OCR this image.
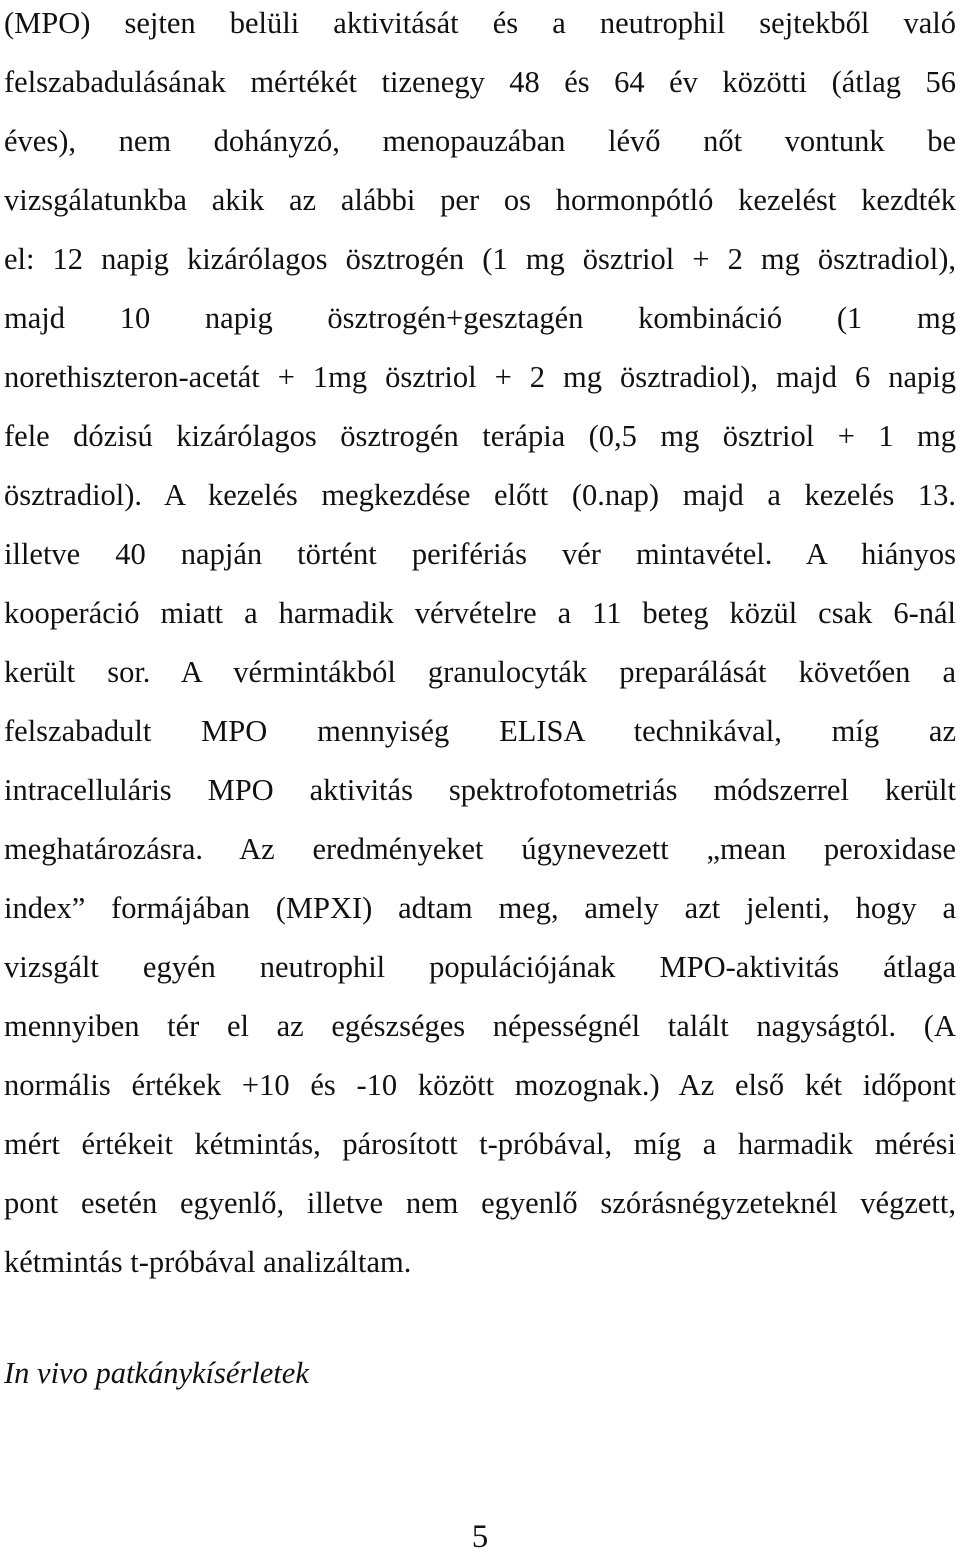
(MPO) sejten belüli aktivitását és a neutrophil sejtekből való
felszabadulásának mértékét tizenegy 48 és 64 év közötti (átlag 56
éves), nem dohányzó, menopauzában lévő nőt vontunk be
vizsgálatunkba akik az alábbi per os hormonpótló kezelést kezdték
el: 12 napig kizárólagos ösztrogén (1 mg ösztriol + 2 mg ösztradiol),
majd 10 napig ösztrogén+gesztagén kombináció (1 mg
norethiszteron-acetát + 1mg ösztriol + 2 mg ösztradiol), majd 6 napig
fele dózisú kizárólagos ösztrogén terápia (0,5 mg ösztriol + 1 mg
ösztradiol). A kezelés megkezdése előtt (0.nap) majd a kezelés 13.
illetve 40 napján történt perifériás vér mintavétel. A hiányos
kooperáció miatt a harmadik vérvételre a 11 beteg közül csak 6-nál
került sor. A vérmintákból granulocyták preparálását követően a
felszabadult MPO mennyiség ELISA technikával, míg az
intracelluláris MPO aktivitás spektrofotometriás módszerrel került
meghatározásra. Az eredményeket úgynevezett „mean peroxidase
index” formájában (MPXI) adtam meg, amely azt jelenti, hogy a
vizsgált egyén neutrophil populációjának MPO-aktivitás átlaga
mennyiben tér el az egészséges népességnél talált nagyságtól. (A
normális értékek +10 és -10 között mozognak.) Az első két időpont
mért értékeit kétmintás, párosított t-próbával, míg a harmadik mérési
pont esetén egyenlő, illetve nem egyenlő szórásnégyzeteknél végzett,
kétmintás t-próbával analizáltam.
In vivo patkánykísérletek
5
